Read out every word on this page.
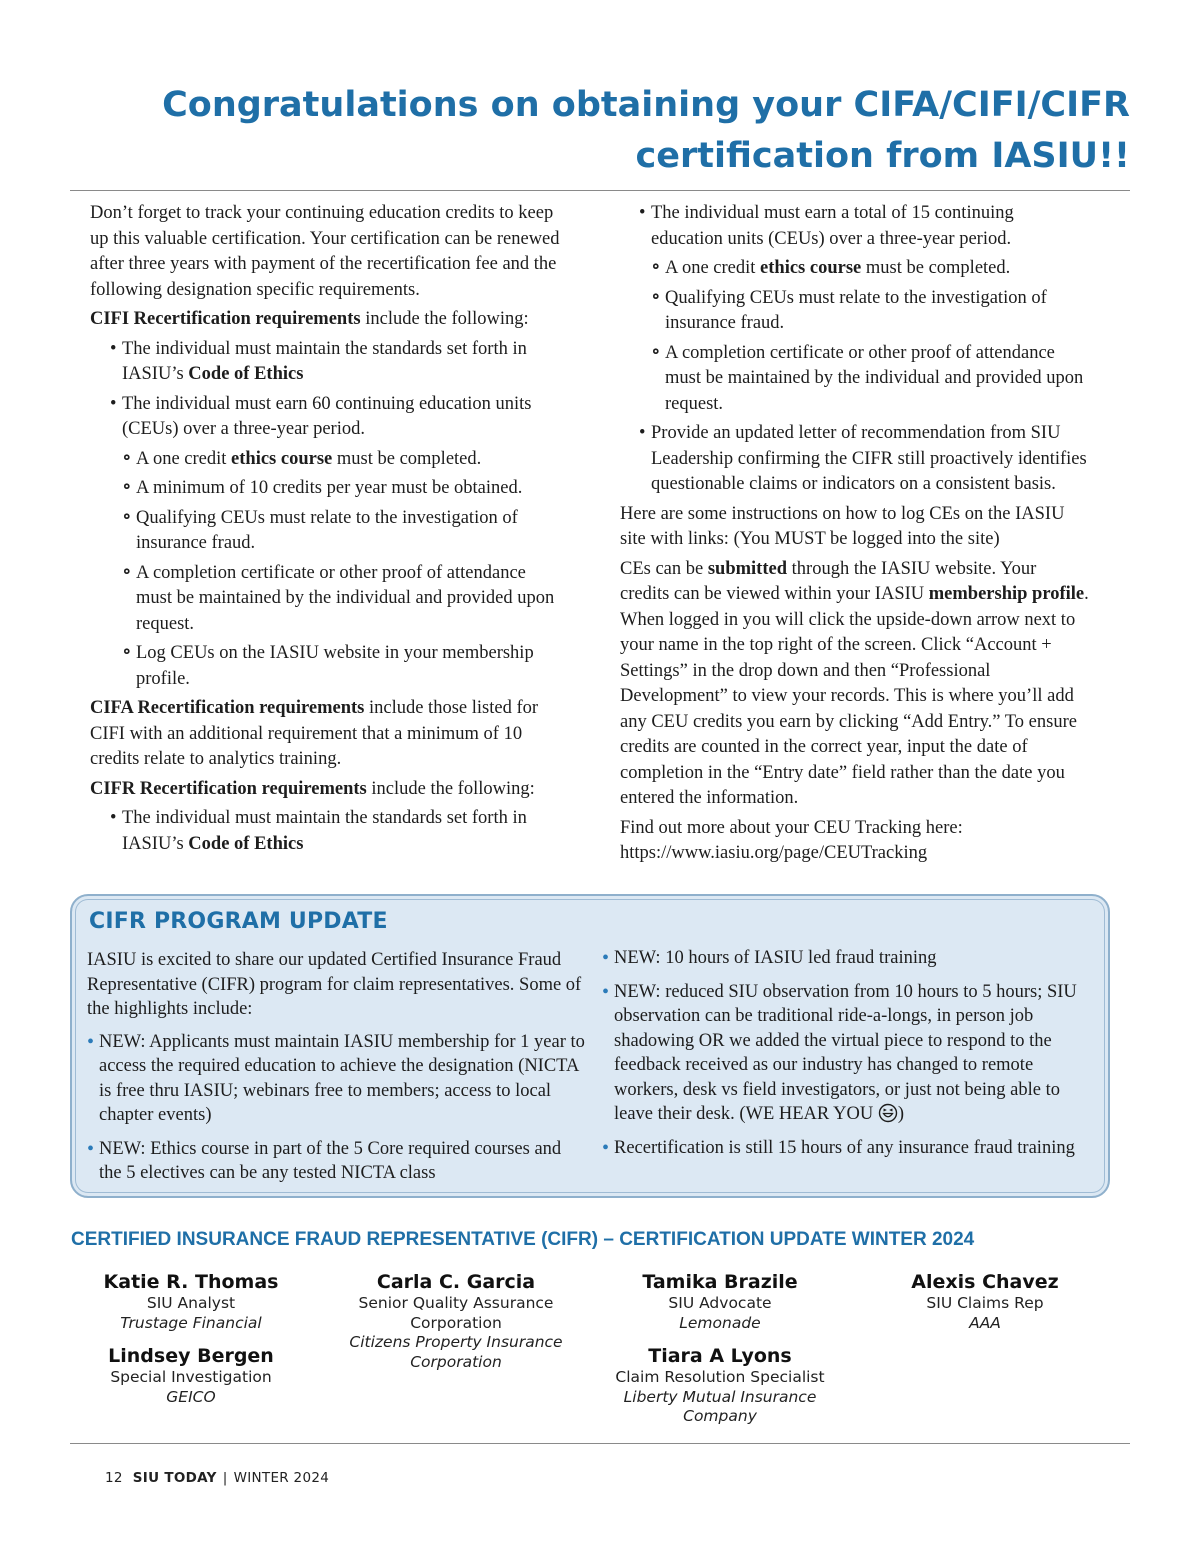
Congratulations on obtaining your CIFA/CIFI/CIFR
certification from IASIU!!

Don’t forget to track your continuing education credits to keep up this valuable certification. Your certification can be renewed after three years with payment of the recertification fee and the following designation specific requirements.

CIFI Recertification requirements include the following:

• The individual must maintain the standards set forth in IASIU’s Code of Ethics
• The individual must earn 60 continuing education units (CEUs) over a three-year period.
∘ A one credit ethics course must be completed.
∘ A minimum of 10 credits per year must be obtained.
∘ Qualifying CEUs must relate to the investigation of insurance fraud.
∘ A completion certificate or other proof of attendance must be maintained by the individual and provided upon request.
∘ Log CEUs on the IASIU website in your membership profile.

CIFA Recertification requirements include those listed for CIFI with an additional requirement that a minimum of 10 credits relate to analytics training.

CIFR Recertification requirements include the following:

• The individual must maintain the standards set forth in IASIU’s Code of Ethics
• The individual must earn a total of 15 continuing education units (CEUs) over a three-year period.
∘ A one credit ethics course must be completed.
∘ Qualifying CEUs must relate to the investigation of insurance fraud.
∘ A completion certificate or other proof of attendance must be maintained by the individual and provided upon request.
• Provide an updated letter of recommendation from SIU Leadership confirming the CIFR still proactively identifies questionable claims or indicators on a consistent basis.

Here are some instructions on how to log CEs on the IASIU site with links: (You MUST be logged into the site)

CEs can be submitted through the IASIU website. Your credits can be viewed within your IASIU membership profile. When logged in you will click the upside-down arrow next to your name in the top right of the screen. Click “Account + Settings” in the drop down and then “Professional Development” to view your records. This is where you’ll add any CEU credits you earn by clicking “Add Entry.” To ensure credits are counted in the correct year, input the date of completion in the “Entry date” field rather than the date you entered the information.

Find out more about your CEU Tracking here:
https://www.iasiu.org/page/CEUTracking

CIFR PROGRAM UPDATE

IASIU is excited to share our updated Certified Insurance Fraud Representative (CIFR) program for claim representatives. Some of the highlights include:

• NEW: Applicants must maintain IASIU membership for 1 year to access the required education to achieve the designation (NICTA is free thru IASIU; webinars free to members; access to local chapter events)
• NEW: Ethics course in part of the 5 Core required courses and the 5 electives can be any tested NICTA class
• NEW: 10 hours of IASIU led fraud training
• NEW: reduced SIU observation from 10 hours to 5 hours; SIU observation can be traditional ride-a-longs, in person job shadowing OR we added the virtual piece to respond to the feedback received as our industry has changed to remote workers, desk vs field investigators, or just not being able to leave their desk. (WE HEAR YOU )
• Recertification is still 15 hours of any insurance fraud training
CERTIFIED INSURANCE FRAUD REPRESENTATIVE (CIFR) – CERTIFICATION UPDATE WINTER 2024
Katie R. Thomas
SIU Analyst
Trustage Financial
Lindsey Bergen
Special Investigation
GEICO
Carla C. Garcia
Senior Quality Assurance Corporation
Citizens Property Insurance Corporation
Tamika Brazile
SIU Advocate
Lemonade
Tiara A Lyons
Claim Resolution Specialist
Liberty Mutual Insurance Company
Alexis Chavez
SIU Claims Rep
AAA
12 SIU TODAY | WINTER 2024
